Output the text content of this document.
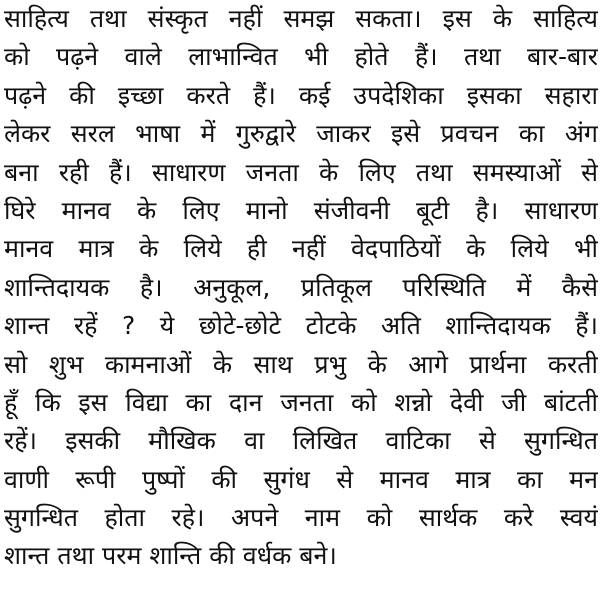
साहित्य तथा संस्कृत नहीं समझ सकता। इस के साहित्य
को पढ़ने वाले लाभान्वित भी होते हैं। तथा बार-बार
पढ़ने की इच्छा करते हैं। कई उपदेशिका इसका सहारा
लेकर सरल भाषा में गुरुद्वारे जाकर इसे प्रवचन का अंग
बना रही हैं। साधारण जनता के लिए तथा समस्याओं से
घिरे मानव के लिए मानो संजीवनी बूटी है। साधारण
मानव मात्र के लिये ही नहीं वेदपाठियों के लिये भी
शान्तिदायक है। अनुकूल, प्रतिकूल परिस्थिति में कैसे
शान्त रहें ? ये छोटे-छोटे टोटके अति शान्तिदायक हैं।
सो शुभ कामनाओं के साथ प्रभु के आगे प्रार्थना करती
हूँ कि इस विद्या का दान जनता को शन्नो देवी जी बांटती
रहें। इसकी मौखिक वा लिखित वाटिका से सुगन्धित
वाणी रूपी पुष्पों की सुगंध से मानव मात्र का मन
सुगन्धित होता रहे। अपने नाम को सार्थक करे स्वयं
शान्त तथा परम शान्ति की वर्धक बने।
